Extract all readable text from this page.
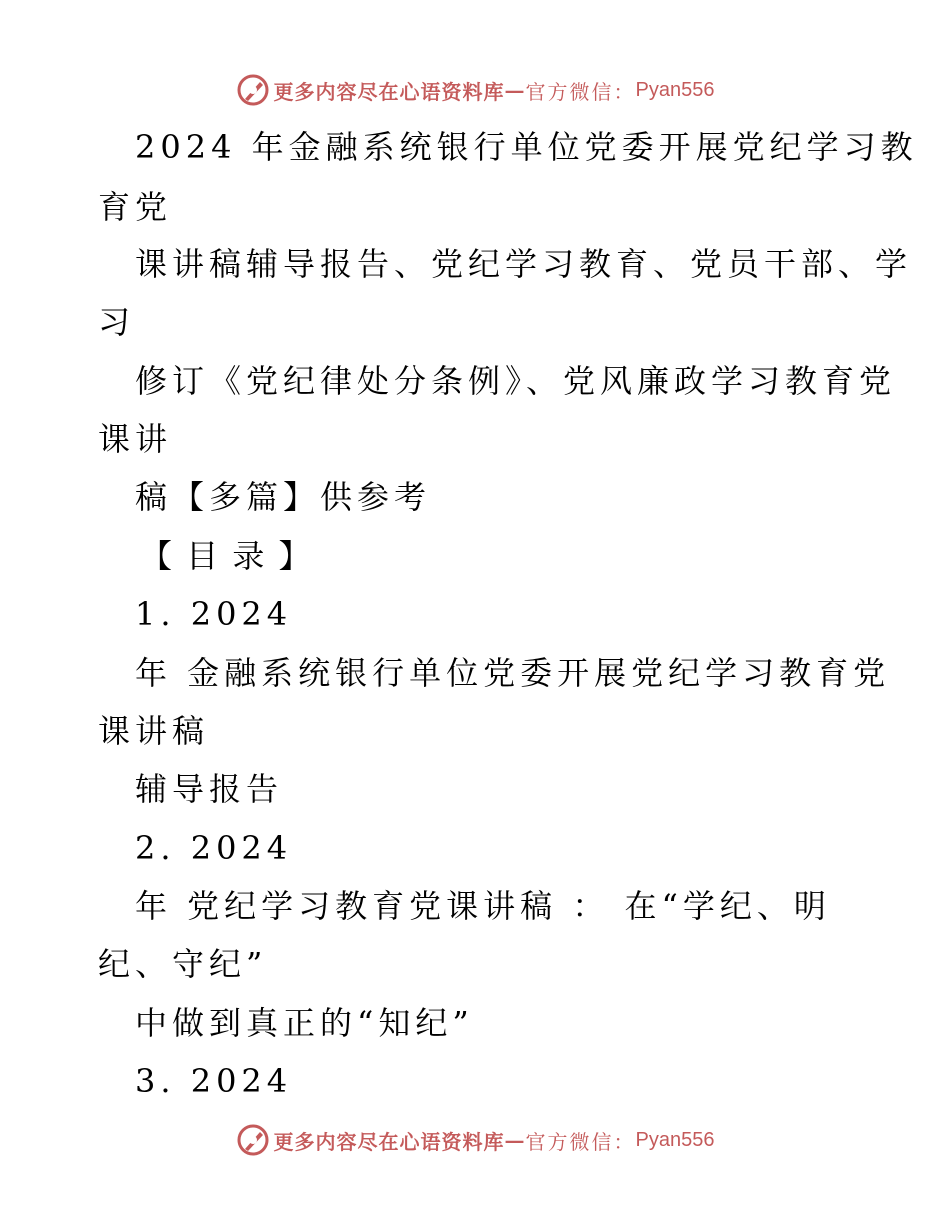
更多内容尽在心语资料库 — 官方微信： Pyan556
2024 年金融系统银行单位党委开展党纪学习教
育党
课讲稿辅导报告、党纪学习教育、党员干部、学
习
修订《党纪律处分条例》、党风廉政学习教育党
课讲
稿【多篇】供参考
【 目 录 】
1. 2024
年 金融系统银行单位党委开展党纪学习教育党
课讲稿
辅导报告
2. 2024
年 党纪学习教育党课讲稿 ： 在“学纪、明
纪、守纪”
中做到真正的“知纪”
3. 2024
更多内容尽在心语资料库 — 官方微信： Pyan556
